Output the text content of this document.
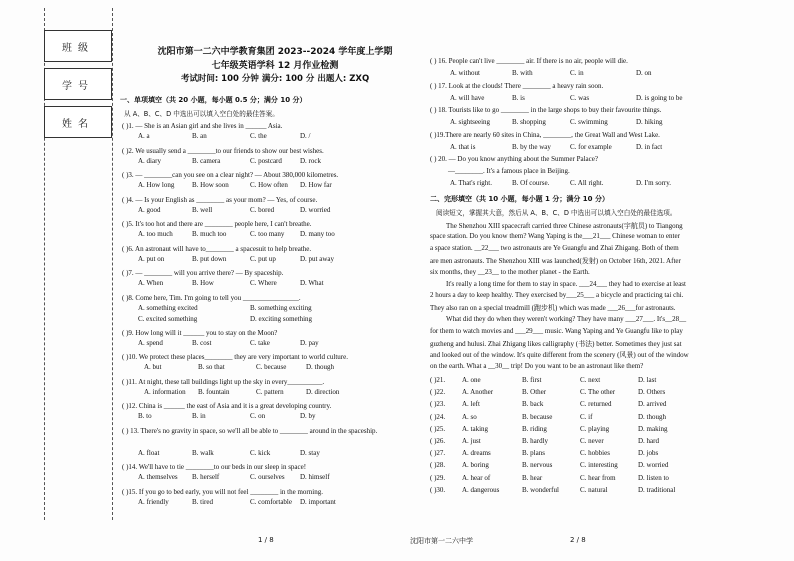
班级
学号
姓名
沈阳市第一二六中学教育集团 2023--2024 学年度上学期
七年级英语学科 12 月作业检测
考试时间: 100 分钟 满分: 100 分 出题人: ZXQ
1 / 8	沈阳市第一二六中学	2 / 8
一、单项填空（共 20 小题，每小题 0.5 分；满分 10 分）
从 A、B、C、D 中选出可以填入空白处的最佳答案。
( )1. — She is an Asian girl and she lives in ______ Asia.
A. a	B. an	C. the	D. /
( )2. We usually send a ________to our friends to show our best wishes.
A. diary	B. camera	C. postcard	D. rock
( )3. — ________can you see on a clear night? — About 380,000 kilometres.
A. How long	B. How soon	C. How often D. How far
( )4. — Is your English as ________ as your mom? — Yes, of course.
A. good	B. well	C. bored	D. worried
( )5. It's too hot and there are ________ people here, I can't breathe.
A. too much	B. much too	C. too many D. many too
( )6. An astronaut will have to________ a spacesuit to help breathe.
A. put on	B. put down	C. put up	D. put away
( )7. — ________ will you arrive there? — By spaceship.
A. When	B. How	C. Where	D. What
( )8. Come here, Tim. I'm going to tell you ________________.
A. something excited	B. something exciting
C. excited something	D. exciting something
( )9. How long will it ______ you to stay on the Moon?
A. spend	B. cost	C. take	D. pay
( )10. We protect these places________ they are very important to world culture.
A. but	B. so that	C. because	D. though
( )11. At night, these tall buildings light up the sky in every__________.
A. information B. fountain	C. pattern	D. direction
( )12. China is ______ the east of Asia and it is a great developing country.
B. to	B. in	C. on	D. by
( ) 13. There's no gravity in space, so we'll all be able to ________ around in the spaceship.
A. float	B. walk	C. kick	D. stay
( )14. We'll have to tie ________to our beds in our sleep in space!
A. themselves B. herself	C. ourselves D. himself
( )15. If you go to bed early, you will not feel ________ in the morning.
A. friendly	B. tired	C. comfortable D. important
( ) 16. People can't live ________ air. If there is no air, people will die.
A. without	B. with	C. in	D. on
( ) 17. Look at the clouds! There ________ a heavy rain soon.
A. will have	B. is	C. was	D. is going to be
( ) 18. Tourists like to go ________ in the large shops to buy their favourite things.
A. sightseeing	B. shopping	C. swimming	D. hiking
( )19.There are nearly 60 sites in China, ________, the Great Wall and West Lake.
A. that is	B. by the way	C. for example	D. in fact
( ) 20. — Do you know anything about the Summer Palace?
—________. It's a famous place in Beijing.
A. That's right.	B. Of course.	C. All right.	D. I'm sorry.
二、完形填空（共 10 小题，每小题 1 分；满分 10 分）
阅读短文，掌握其大意，然后从 A、B、C、D 中选出可以填入空白处的最佳选项。
The Shenzhou XIII spacecraft carried three Chinese astronauts(宇航员) to Tiangong
space station. Do you know them? Wang Yaping is the___21___ Chinese woman to enter
a space station. __22___ two astronauts are Ye Guangfu and Zhai Zhigang. Both of them
are men astronauts. The Shenzhou XIII was launched(发射) on October 16th, 2021. After
six months, they __23__ to the mother planet - the Earth.
It's really a long time for them to stay in space. ___24___ they had to exercise at least
2 hours a day to keep healthy. They exercised by___25___ a bicycle and practicing tai chi.
They also ran on a special treadmill (跑步机) which was made ___26___for astronauts.
What did they do when they weren't working? They have many ___27___. It's__28__
for them to watch movies and ___29___ music. Wang Yaping and Ye Guangfu like to play
guzheng and hulusi. Zhai Zhigang likes calligraphy (书法) better. Sometimes they just sat
and looked out of the window. It's quite different from the scenery (风景) out of the window
on the earth. What a __30__ trip! Do you want to be an astronaut like them?
( )21. A. one	B. first	C. next	D. last
( )22. A. Another	B. Other	C. The other	D. Others
( )23. A. left	B. back	C. returned	D. arrived
( )24. A. so	B. because	C. if	D. though
( )25. A. taking	B. riding	C. playing	D. making
( )26. A. just	B. hardly	C. never	D. hard
( )27. A. dreams	B. plans	C. hobbies	D. jobs
( )28. A. boring	B. nervous	C. interesting	D. worried
( )29. A. hear of	B. hear	C. hear from	D. listen to
( )30. A. dangerous	B. wonderful	C. natural	D. traditional
